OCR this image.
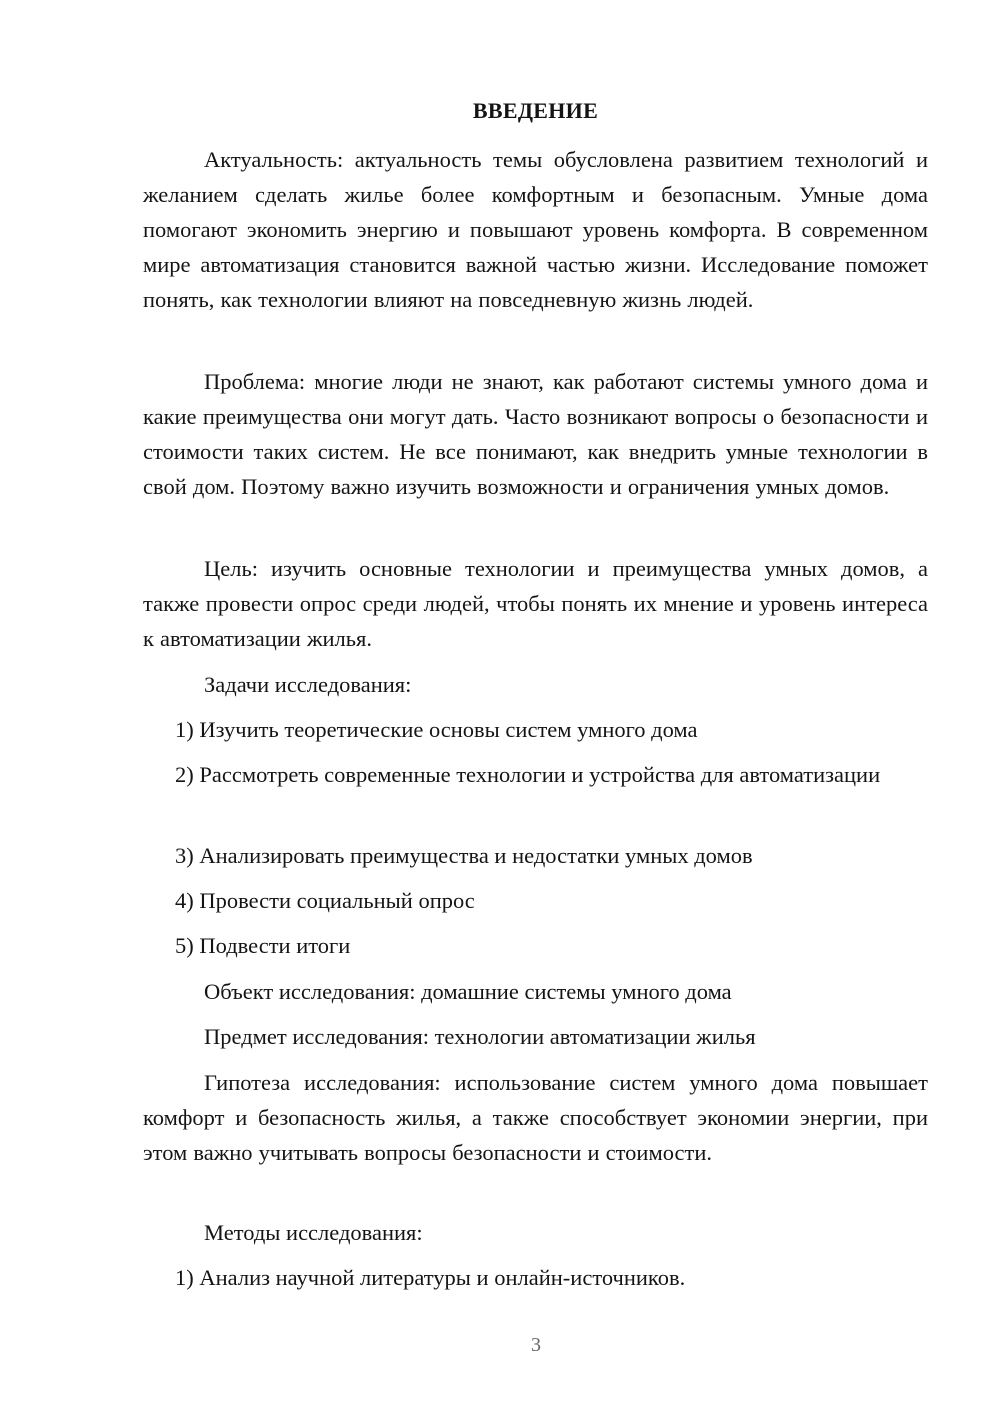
ВВЕДЕНИЕ
Актуальность: актуальность темы обусловлена развитием технологий и желанием сделать жилье более комфортным и безопасным. Умные дома помогают экономить энергию и повышают уровень комфорта. В современном мире автоматизация становится важной частью жизни. Исследование поможет понять, как технологии влияют на повседневную жизнь людей.
Проблема: многие люди не знают, как работают системы умного дома и какие преимущества они могут дать. Часто возникают вопросы о безопасности и стоимости таких систем. Не все понимают, как внедрить умные технологии в свой дом. Поэтому важно изучить возможности и ограничения умных домов.
Цель: изучить основные технологии и преимущества умных домов, а также провести опрос среди людей, чтобы понять их мнение и уровень интереса к автоматизации жилья.
Задачи исследования:
1) Изучить теоретические основы систем умного дома
2) Рассмотреть современные технологии и устройства для автоматизации
3) Анализировать преимущества и недостатки умных домов
4) Провести социальный опрос
5) Подвести итоги
Объект исследования: домашние системы умного дома
Предмет исследования: технологии автоматизации жилья
Гипотеза исследования: использование систем умного дома повышает комфорт и безопасность жилья, а также способствует экономии энергии, при этом важно учитывать вопросы безопасности и стоимости.
Методы исследования:
1) Анализ научной литературы и онлайн-источников.
3
